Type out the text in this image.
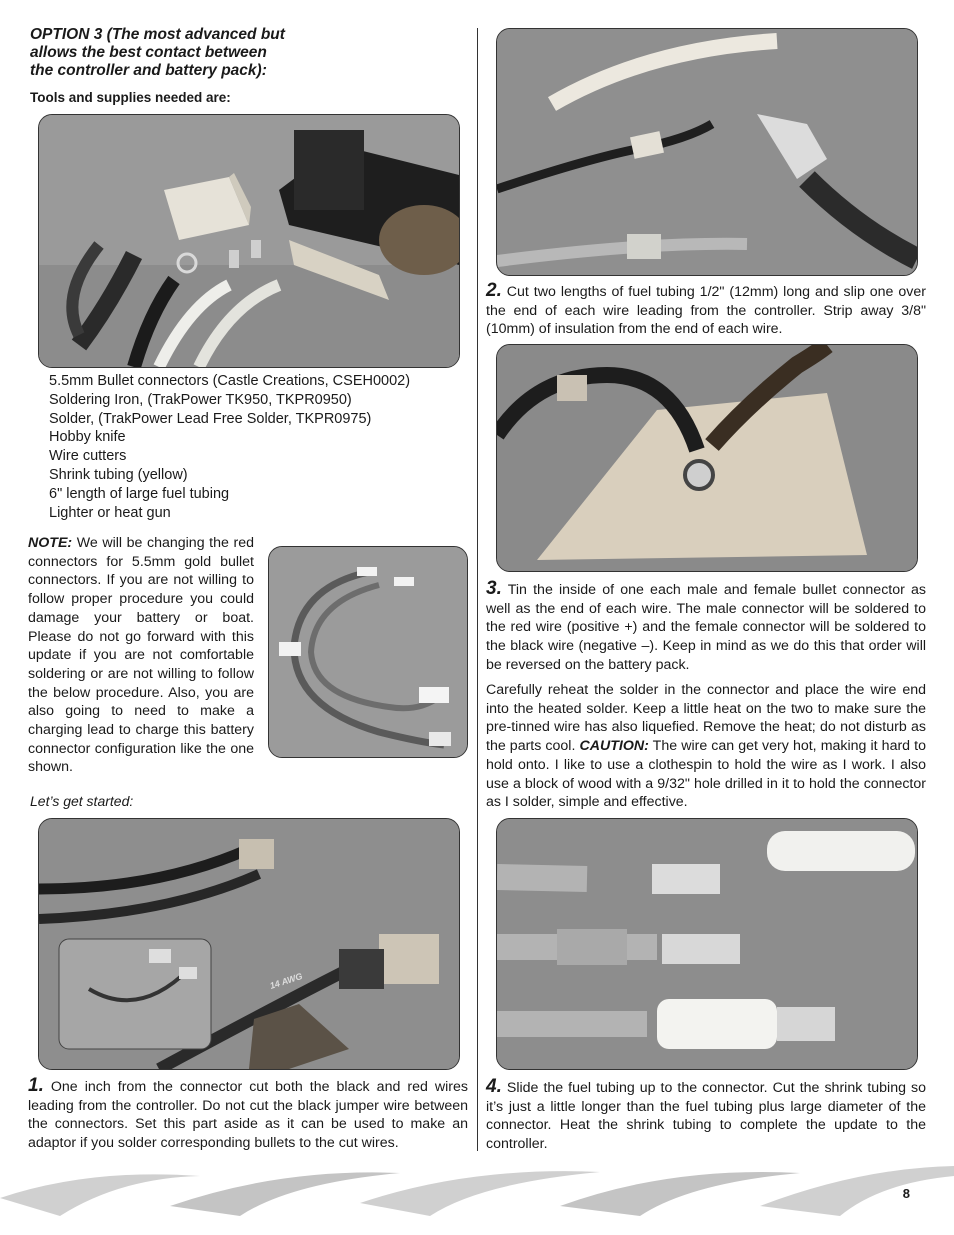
OPTION 3 (The most advanced but
allows the best contact between
the controller and battery pack):
Tools and supplies needed are:
5.5mm Bullet connectors (Castle Creations, CSEH0002)
Soldering Iron, (TrakPower TK950, TKPR0950)
Solder, (TrakPower Lead Free Solder, TKPR0975)
Hobby knife
Wire cutters
Shrink tubing (yellow)
6" length of large fuel tubing
Lighter or heat gun
NOTE: We will be changing the red connectors for 5.5mm gold bullet connectors. If you are not willing to follow proper procedure you could damage your battery or boat. Please do not go forward with this update if you are not comfortable soldering or are not willing to follow the below procedure. Also, you are also going to need to make a charging lead to charge this battery connector configuration like the one shown.
Let’s get started:
14 AWG
1. One inch from the connector cut both the black and red wires leading from the controller. Do not cut the black jumper wire between the connectors. Set this part aside as it can be used to make an adaptor if you solder corresponding bullets to the cut wires.
2. Cut two lengths of fuel tubing 1/2" (12mm) long and slip one over the end of each wire leading from the controller. Strip away 3/8" (10mm) of insulation from the end of each wire.
3. Tin the inside of one each male and female bullet connector as well as the end of each wire. The male connector will be soldered to the red wire (positive +) and the female connector will be soldered to the black wire (negative –). Keep in mind as we do this that order will be reversed on the battery pack.
Carefully reheat the solder in the connector and place the wire end into the heated solder. Keep a little heat on the two to make sure the pre-tinned wire has also liquefied. Remove the heat; do not disturb as the parts cool. CAUTION: The wire can get very hot, making it hard to hold onto. I like to use a clothespin to hold the wire as I work. I also use a block of wood with a 9/32" hole drilled in it to hold the connector as I solder, simple and effective.
4. Slide the fuel tubing up to the connector. Cut the shrink tubing so it’s just a little longer than the fuel tubing plus large diameter of the connector. Heat the shrink tubing to complete the update to the controller.
8
